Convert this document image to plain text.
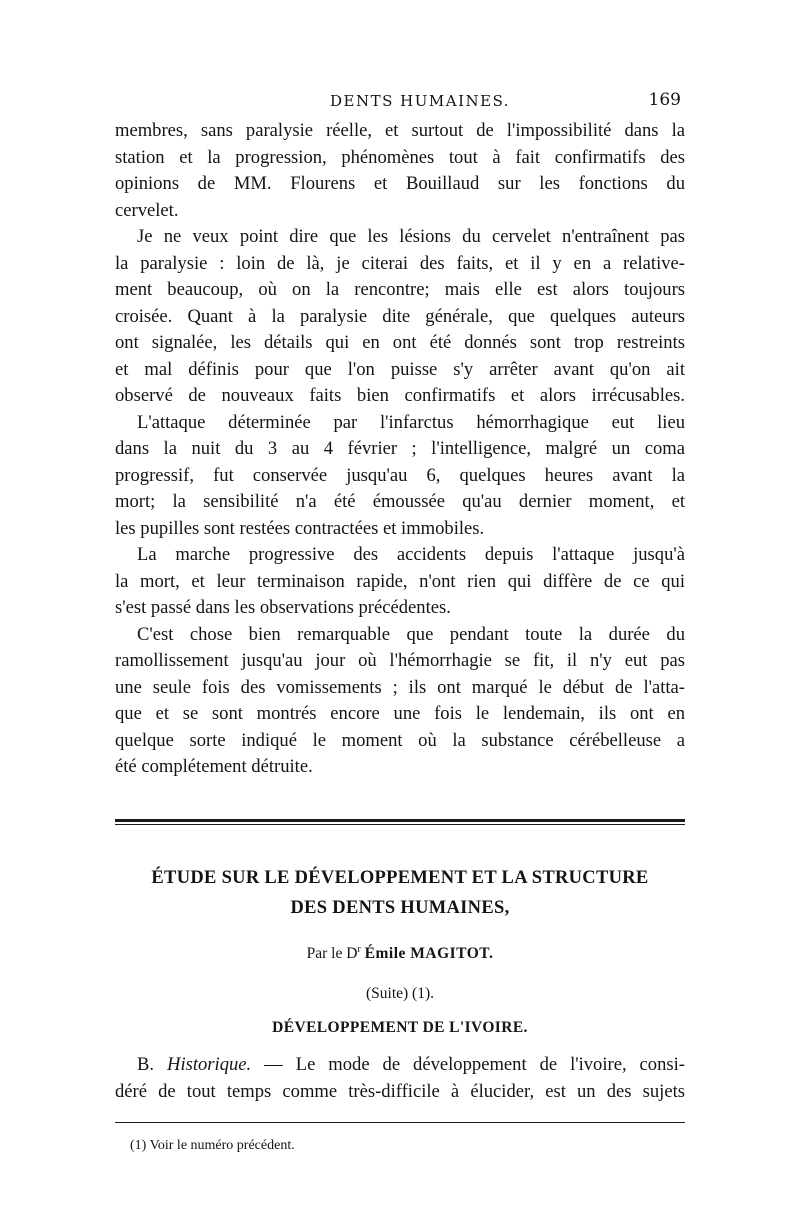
DENTS HUMAINES.	169
membres, sans paralysie réelle, et surtout de l'impossibilité dans la
station et la progression, phénomènes tout à fait confirmatifs des
opinions de MM. Flourens et Bouillaud sur les fonctions du
cervelet.
Je ne veux point dire que les lésions du cervelet n'entraînent pas
la paralysie : loin de là, je citerai des faits, et il y en a relative-
ment beaucoup, où on la rencontre; mais elle est alors toujours
croisée. Quant à la paralysie dite générale, que quelques auteurs
ont signalée, les détails qui en ont été donnés sont trop restreints
et mal définis pour que l'on puisse s'y arrêter avant qu'on ait
observé de nouveaux faits bien confirmatifs et alors irrécusables.
L'attaque déterminée par l'infarctus hémorrhagique eut lieu
dans la nuit du 3 au 4 février ; l'intelligence, malgré un coma
progressif, fut conservée jusqu'au 6, quelques heures avant la
mort; la sensibilité n'a été émoussée qu'au dernier moment, et
les pupilles sont restées contractées et immobiles.
La marche progressive des accidents depuis l'attaque jusqu'à
la mort, et leur terminaison rapide, n'ont rien qui diffère de ce qui
s'est passé dans les observations précédentes.
C'est chose bien remarquable que pendant toute la durée du
ramollissement jusqu'au jour où l'hémorrhagie se fit, il n'y eut pas
une seule fois des vomissements ; ils ont marqué le début de l'atta-
que et se sont montrés encore une fois le lendemain, ils ont en
quelque sorte indiqué le moment où la substance cérébelleuse a
été complétement détruite.
ÉTUDE SUR LE DÉVELOPPEMENT ET LA STRUCTURE
DES DENTS HUMAINES,
Par le $D^r$ Émile MAGITOT.
(Suite) (1).
DÉVELOPPEMENT DE L'IVOIRE.
B. Historique. — Le mode de développement de l'ivoire, consi-
déré de tout temps comme très-difficile à élucider, est un des sujets
(1) Voir le numéro précédent.
